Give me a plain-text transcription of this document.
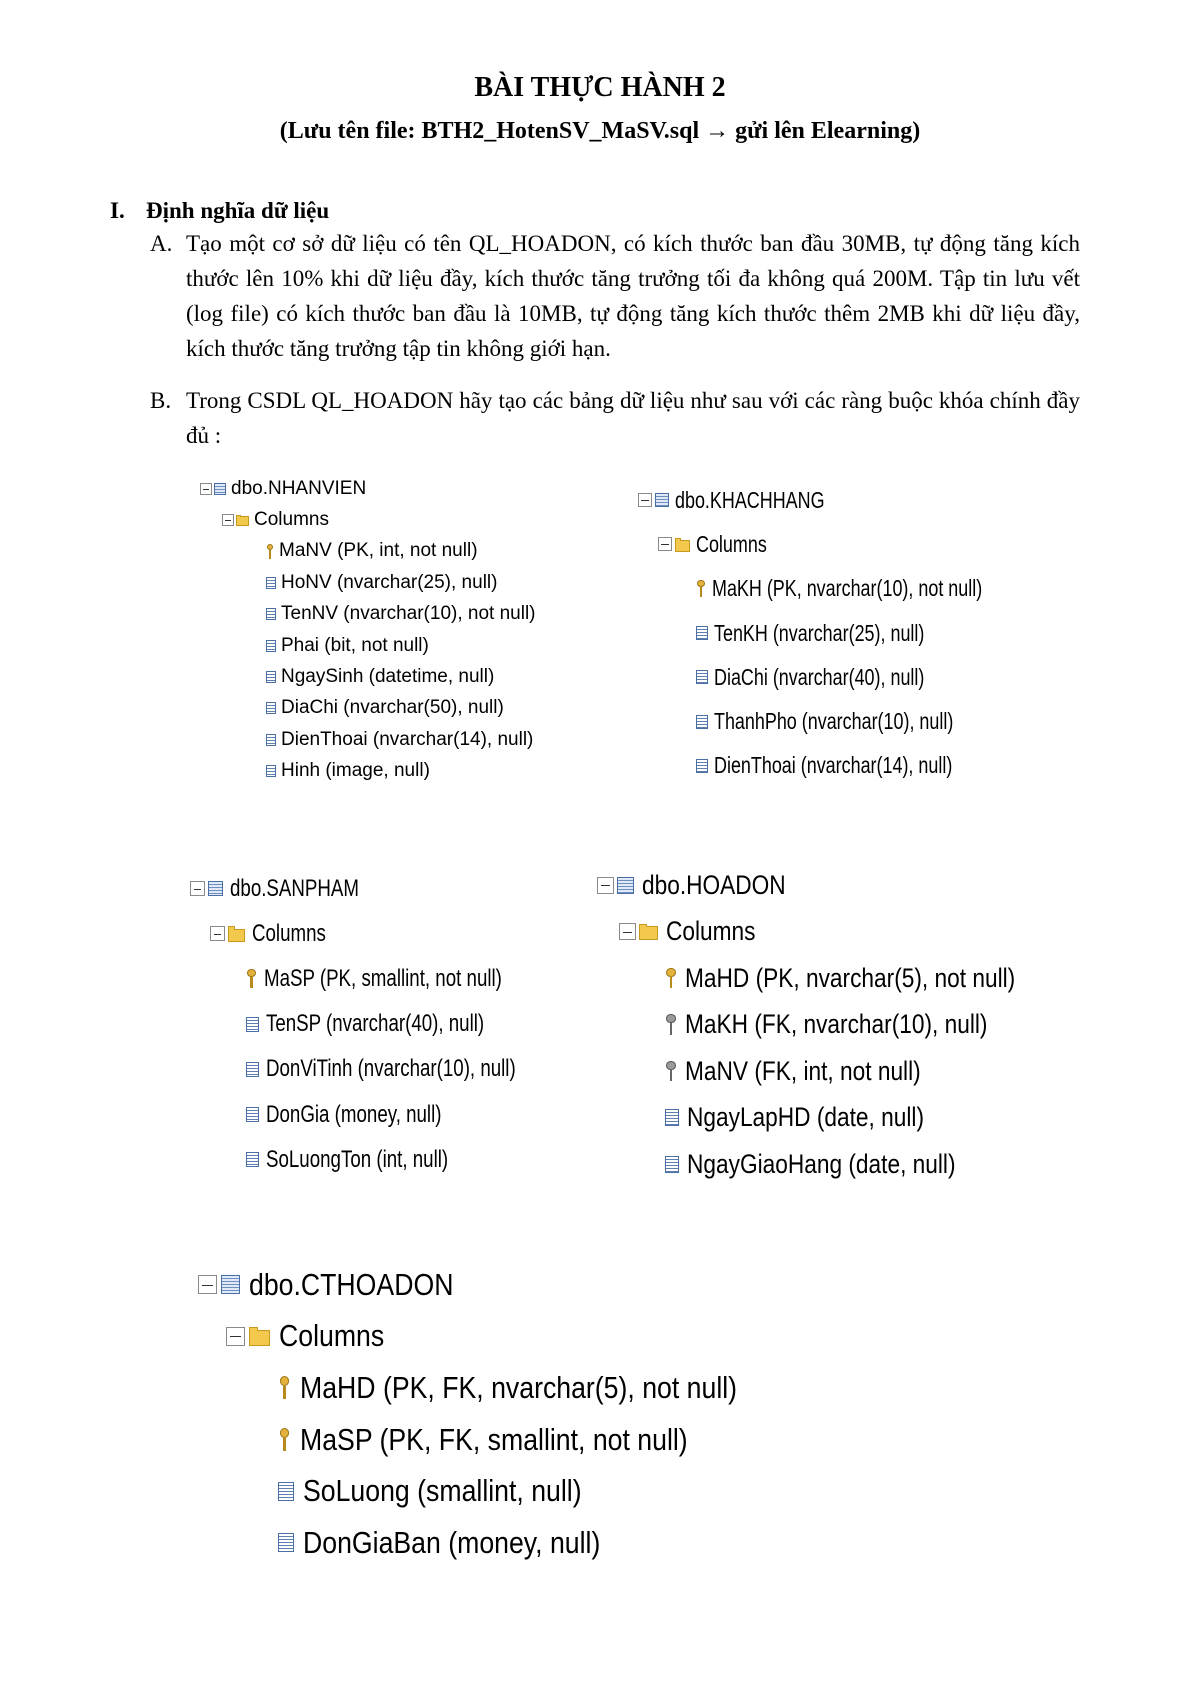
BÀI THỰC HÀNH 2
(Lưu tên file: BTH2_HotenSV_MaSV.sql → gửi lên Elearning)
I. Định nghĩa dữ liệu
A. Tạo một cơ sở dữ liệu có tên QL_HOADON, có kích thước ban đầu 30MB, tự động tăng kích thước lên 10% khi dữ liệu đầy, kích thước tăng trưởng tối đa không quá 200M. Tập tin lưu vết (log file) có kích thước ban đầu là 10MB, tự động tăng kích thước thêm 2MB khi dữ liệu đầy, kích thước tăng trưởng tập tin không giới hạn.
B. Trong CSDL QL_HOADON hãy tạo các bảng dữ liệu như sau với các ràng buộc khóa chính đầy đủ :
dbo.NHANVIEN
Columns
MaNV (PK, int, not null)
HoNV (nvarchar(25), null)
TenNV (nvarchar(10), not null)
Phai (bit, not null)
NgaySinh (datetime, null)
DiaChi (nvarchar(50), null)
DienThoai (nvarchar(14), null)
Hinh (image, null)
dbo.KHACHHANG
Columns
MaKH (PK, nvarchar(10), not null)
TenKH (nvarchar(25), null)
DiaChi (nvarchar(40), null)
ThanhPho (nvarchar(10), null)
DienThoai (nvarchar(14), null)
dbo.SANPHAM
Columns
MaSP (PK, smallint, not null)
TenSP (nvarchar(40), null)
DonViTinh (nvarchar(10), null)
DonGia (money, null)
SoLuongTon (int, null)
dbo.HOADON
Columns
MaHD (PK, nvarchar(5), not null)
MaKH (FK, nvarchar(10), null)
MaNV (FK, int, not null)
NgayLapHD (date, null)
NgayGiaoHang (date, null)
dbo.CTHOADON
Columns
MaHD (PK, FK, nvarchar(5), not null)
MaSP (PK, FK, smallint, not null)
SoLuong (smallint, null)
DonGiaBan (money, null)
